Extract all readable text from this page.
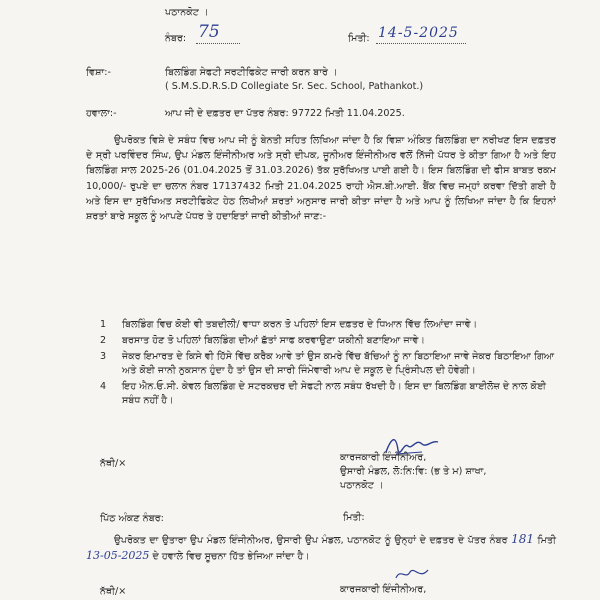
ਪਠਾਨਕੋਟ ।
ਨੰਬਰ: 75	ਮਿਤੀ: 14-5-2025
ਵਿਸ਼ਾ:-	ਬਿਲਡਿੰਗ ਸੇਫਟੀ ਸਰਟੀਫਿਕੇਟ ਜਾਰੀ ਕਰਨ ਬਾਰੇ ।
( S.M.S.D.R.S.D Collegiate Sr. Sec. School, Pathankot.)
ਹਵਾਲਾ:-	ਆਪ ਜੀ ਦੇ ਦਫ਼ਤਰ ਦਾ ਪੱਤਰ ਨੰਬਰ: 97722 ਮਿਤੀ 11.04.2025.
ਉਪਰੋਕਤ ਵਿਸ਼ੇ ਦੇ ਸਬੰਧ ਵਿਚ ਆਪ ਜੀ ਨੂੰ ਬੇਨਤੀ ਸਹਿਤ ਲਿਖਿਆ ਜਾਂਦਾ ਹੈ ਕਿ ਵਿਸ਼ਾ ਅੰਕਿਤ ਬਿਲਡਿੰਗ ਦਾ ਨਰੀਖਣ ਇਸ ਦਫ਼ਤਰ ਦੇ ਸ੍ਰੀ ਪਰਵਿੰਦਰ ਸਿੰਘ, ਉਪ ਮੰਡਲ ਇੰਜੀਨੀਅਰ ਅਤੇ ਸ੍ਰੀ ਦੀਪਕ, ਜੂਨੀਅਰ ਇੰਜੀਨੀਅਰ ਵਲੋਂ ਨਿੱਜੀ ਪੱਧਰ ਤੇ ਕੀਤਾ ਗਿਆ ਹੈ ਅਤੇ ਇਹ ਬਿਲਡਿੰਗ ਸਾਲ 2025-26 (01.04.2025 ਤੋਂ 31.03.2026) ਤੱਕ ਸੁਰੱਖਿਅਤ ਪਾਈ ਗਈ ਹੈ। ਇਸ ਬਿਲਡਿੰਗ ਦੀ ਫੀਸ ਬਾਬਤ ਰਕਮ 10,000/- ਰੁਪਏ ਦਾ ਚਲਾਨ ਨੰਬਰ 17137432 ਮਿਤੀ 21.04.2025 ਰਾਹੀ ਐਸ.ਬੀ.ਆਈ. ਬੈਂਕ ਵਿਚ ਜਮ੍ਹਾਂ ਕਰਵਾ ਦਿੱਤੀ ਗਈ ਹੈ ਅਤੇ ਇਸ ਦਾ ਸੁਰੱਖਿਅਤ ਸਰਟੀਫਿਕੇਟ ਹੇਠ ਲਿਖੀਆਂ ਸ਼ਰਤਾਂ ਅਨੁਸਾਰ ਜਾਰੀ ਕੀਤਾ ਜਾਂਦਾ ਹੈ ਅਤੇ ਆਪ ਨੂੰ ਲਿਖਿਆ ਜਾਂਦਾ ਹੈ ਕਿ ਇਹਨਾਂ ਸ਼ਰਤਾਂ ਬਾਰੇ ਸਕੂਲ ਨੂੰ ਆਪਣੇ ਪੱਧਰ ਤੇ ਹਦਾਇਤਾਂ ਜਾਰੀ ਕੀਤੀਆਂ ਜਾਣ:-
1 ਬਿਲਡਿੰਗ ਵਿਚ ਕੋਈ ਵੀ ਤਬਦੀਲੀ/ ਵਾਧਾ ਕਰਨ ਤੋ ਪਹਿਲਾਂ ਇਸ ਦਫ਼ਤਰ ਦੇ ਧਿਆਨ ਵਿੱਚ ਲਿਆਂਦਾ ਜਾਵੇ।
2 ਬਰਸਾਤ ਹੋਣ ਤੋ ਪਹਿਲਾਂ ਬਿਲਡਿੰਗ ਦੀਆਂ ਛੱਤਾਂ ਸਾਫ ਕਰਵਾਉਣਾ ਯਕੀਨੀ ਬਣਾਇਆ ਜਾਵੇ।
3 ਜੇਕਰ ਇਮਾਰਤ ਦੇ ਕਿਸੇ ਵੀ ਹਿੱਸੇ ਵਿੱਚ ਕਰੈਕ ਆਵੇ ਤਾਂ ਉਸ ਕਮਰੇ ਵਿੱਚ ਬੱਚਿਆਂ ਨੂੰ ਨਾ ਬਿਠਾਇਆ ਜਾਵੇ ਜੇਕਰ ਬਿਠਾਇਆ ਗਿਆ ਅਤੇ ਕੋਈ ਜਾਨੀ ਨੁਕਸਾਨ ਹੁੰਦਾ ਹੈ ਤਾਂ ਉਸ ਦੀ ਸਾਰੀ ਜਿੰਮੇਵਾਰੀ ਆਪ ਦੇ ਸਕੂਲ ਦੇ ਪ੍ਰਿੰਸੀਪਲ ਦੀ ਹੋਵੇਗੀ।
4 ਇਹ ਐਨ.ਓ.ਸੀ. ਕੇਵਲ ਬਿਲਡਿੰਗ ਦੇ ਸਟਰਕਚਰ ਦੀ ਸੇਫਟੀ ਨਾਲ ਸਬੰਧ ਰੱਖਦੀ ਹੈ। ਇਸ ਦਾ ਬਿਲਡਿੰਗ ਬਾਈਲੋਜ਼ ਦੇ ਨਾਲ ਕੋਈ ਸਬੰਧ ਨਹੀਂ ਹੈ।
ਨੱਥੀ/×
ਕਾਰਜਕਾਰੀ ਇੰਜੀਨੀਅਰ,
ਉਸਾਰੀ ਮੰਡਲ, ਲੋ:ਨਿ:ਵਿ: (ਭ ਤੇ ਮ) ਸ਼ਾਖਾ,
ਪਠਾਨਕੋਟ ।
ਪਿੱਠ ਅੰਕਣ ਨੰਬਰ:	ਮਿਤੀ:
ਉਪਰੋਕਤ ਦਾ ਉਤਾਰਾ ਉਪ ਮੰਡਲ ਇੰਜੀਨੀਅਰ, ਉਸਾਰੀ ਉਪ ਮੰਡਲ, ਪਠਾਨਕੋਟ ਨੂੰ ਉਨ੍ਹਾਂ ਦੇ ਦਫ਼ਤਰ ਦੇ ਪੱਤਰ ਨੰਬਰ 181 ਮਿਤੀ 13-05-2025 ਦੇ ਹਵਾਲੇ ਵਿਚ ਸੂਚਨਾ ਹਿੱਤ ਭੇਜਿਆ ਜਾਂਦਾ ਹੈ।
ਨੱਥੀ/×	ਕਾਰਜਕਾਰੀ ਇੰਜੀਨੀਅਰ,
